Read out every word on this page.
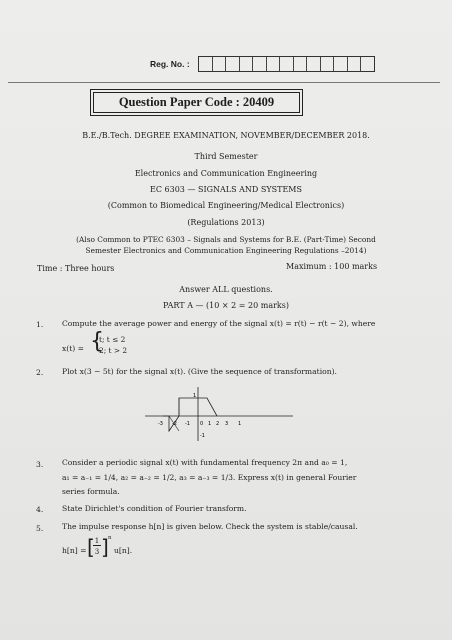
Reg. No. :
Question Paper Code : 20409
B.E./B.Tech. DEGREE EXAMINATION, NOVEMBER/DECEMBER 2018.
Third Semester
Electronics and Communication Engineering
EC 6303 — SIGNALS AND SYSTEMS
(Common to Biomedical Engineering/Medical Electronics)
(Regulations 2013)
(Also Common to PTEC 6303 – Signals and Systems for B.E. (Part-Time) Second
Semester Electronics and Communication Engineering Regulations –2014)
Time : Three hours	Maximum : 100 marks
Answer ALL questions.
PART A — (10 × 2 = 20 marks)
1. Compute the average power and energy of the signal x(t) = r(t) − r(t − 2), where
x(t) = {
t; t ≤ 2
2; t > 2
2. Plot x(3 − 5t) for the signal x(t). (Give the sequence of transformation).
-3 -2 -1 0 1 2 3 1
1
-1
3. Consider a periodic signal x(t) with fundamental frequency 2π and a₀ = 1,
a₁ = a₋₁ = 1/4, a₂ = a₋₂ = 1/2, a₃ = a₋₃ = 1/3. Express x(t) in general Fourier
series formula.
4. State Dirichlet's condition of Fourier transform.
5. The impulse response h[n] is given below. Check the system is stable/causal.
h[n] = [ 1
3 ] n
u[n].
